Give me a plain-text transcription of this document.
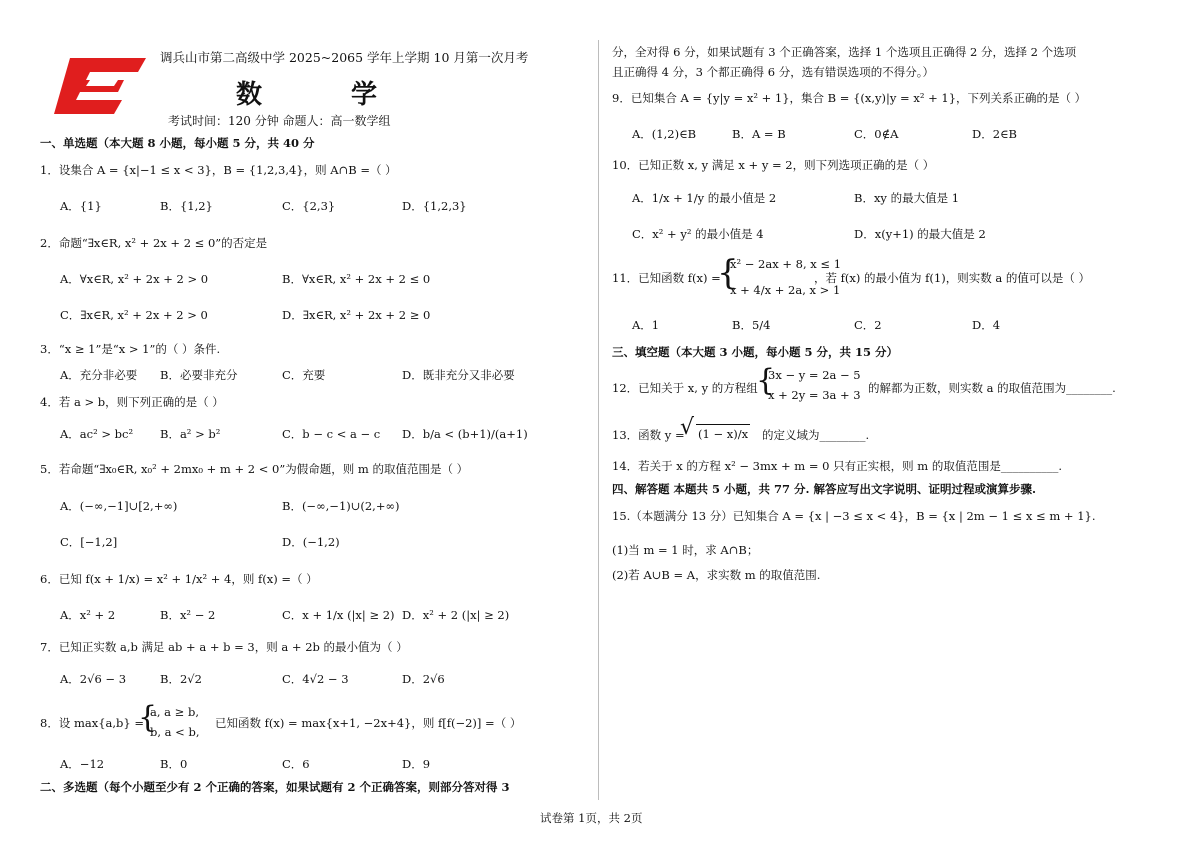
调兵山市第二高级中学 2025~2065 学年上学期 10 月第一次月考
数 学
考试时间：120 分钟 命题人：高一数学组
一、单选题（本大题 8 小题，每小题 5 分，共 40 分
1．设集合 A = {x|−1 ≤ x < 3}，B = {1,2,3,4}，则 A∩B =（ ）
A．{1}	B．{1,2}	C．{2,3}	D．{1,2,3}
2．命题“∃x∈R, x² + 2x + 2 ≤ 0”的否定是
A．∀x∈R, x² + 2x + 2 > 0	B．∀x∈R, x² + 2x + 2 ≤ 0
C．∃x∈R, x² + 2x + 2 > 0	D．∃x∈R, x² + 2x + 2 ≥ 0
3．“x ≥ 1”是“x > 1”的（ ）条件.
A．充分非必要 B．必要非充分	C．充要	D．既非充分又非必要
4．若 a > b，则下列正确的是（ ）
A．ac² > bc² B．a² > b²	C．b − c < a − c D．b/a < (b+1)/(a+1)
5．若命题“∃x₀∈R, x₀² + 2mx₀ + m + 2 < 0”为假命题，则 m 的取值范围是（ ）
A．(−∞,−1]∪[2,+∞)	B．(−∞,−1)∪(2,+∞)
C．[−1,2]	D．(−1,2)
6．已知 f(x + 1/x) = x² + 1/x² + 4，则 f(x) =（ ）
A．x² + 2	B．x² − 2	C．x + 1/x (|x| ≥ 2) D．x² + 2 (|x| ≥ 2)
7．已知正实数 a,b 满足 ab + a + b = 3，则 a + 2b 的最小值为（ ）
A．2√6 − 3	B．2√2	C．4√2 − 3	D．2√6
8．设 max{a,b} =
{
a, a ≥ b,
b, a < b,
已知函数 f(x) = max{x+1, −2x+4}，则 f[f(−2)] =（ ）
A．−12	B．0	C．6	D．9
二、多选题（每个小题至少有 2 个正确的答案，如果试题有 2 个正确答案，则部分答对得 3
分，全对得 6 分，如果试题有 3 个正确答案，选择 1 个选项且正确得 2 分，选择 2 个选项
且正确得 4 分，3 个都正确得 6 分，选有错误选项的不得分。）
9．已知集合 A = {y|y = x² + 1}，集合 B = {(x,y)|y = x² + 1}，下列关系正确的是（ ）
A．(1,2)∈B	B．A = B	C．0∉A	D．2∈B
10．已知正数 x, y 满足 x + y = 2，则下列选项正确的是（ ）
A．1/x + 1/y 的最小值是 2	B．xy 的最大值是 1
C．x² + y² 的最小值是 4	D．x(y+1) 的最大值是 2
11．已知函数 f(x) =
{
x² − 2ax + 8, x ≤ 1
x + 4/x + 2a, x > 1
，若 f(x) 的最小值为 f(1)，则实数 a 的值可以是（ ）
A．1	B．5/4	C．2	D．4
三、填空题（本大题 3 小题，每小题 5 分，共 15 分）
12．已知关于 x, y 的方程组
{
3x − y = 2a − 5
x + 2y = 3a + 3 的解都为正数，则实数 a 的取值范围为________.
13．函数 y =
√ (1 − x)/x 的定义域为________.
14．若关于 x 的方程 x² − 3mx + m = 0 只有正实根，则 m 的取值范围是__________.
四、解答题 本题共 5 小题，共 77 分. 解答应写出文字说明、证明过程或演算步骤.
15.（本题满分 13 分）已知集合 A = {x | −3 ≤ x < 4}，B = {x | 2m − 1 ≤ x ≤ m + 1}.
(1)当 m = 1 时，求 A∩B；
(2)若 A∪B = A，求实数 m 的取值范围.
试卷第 1页，共 2页
